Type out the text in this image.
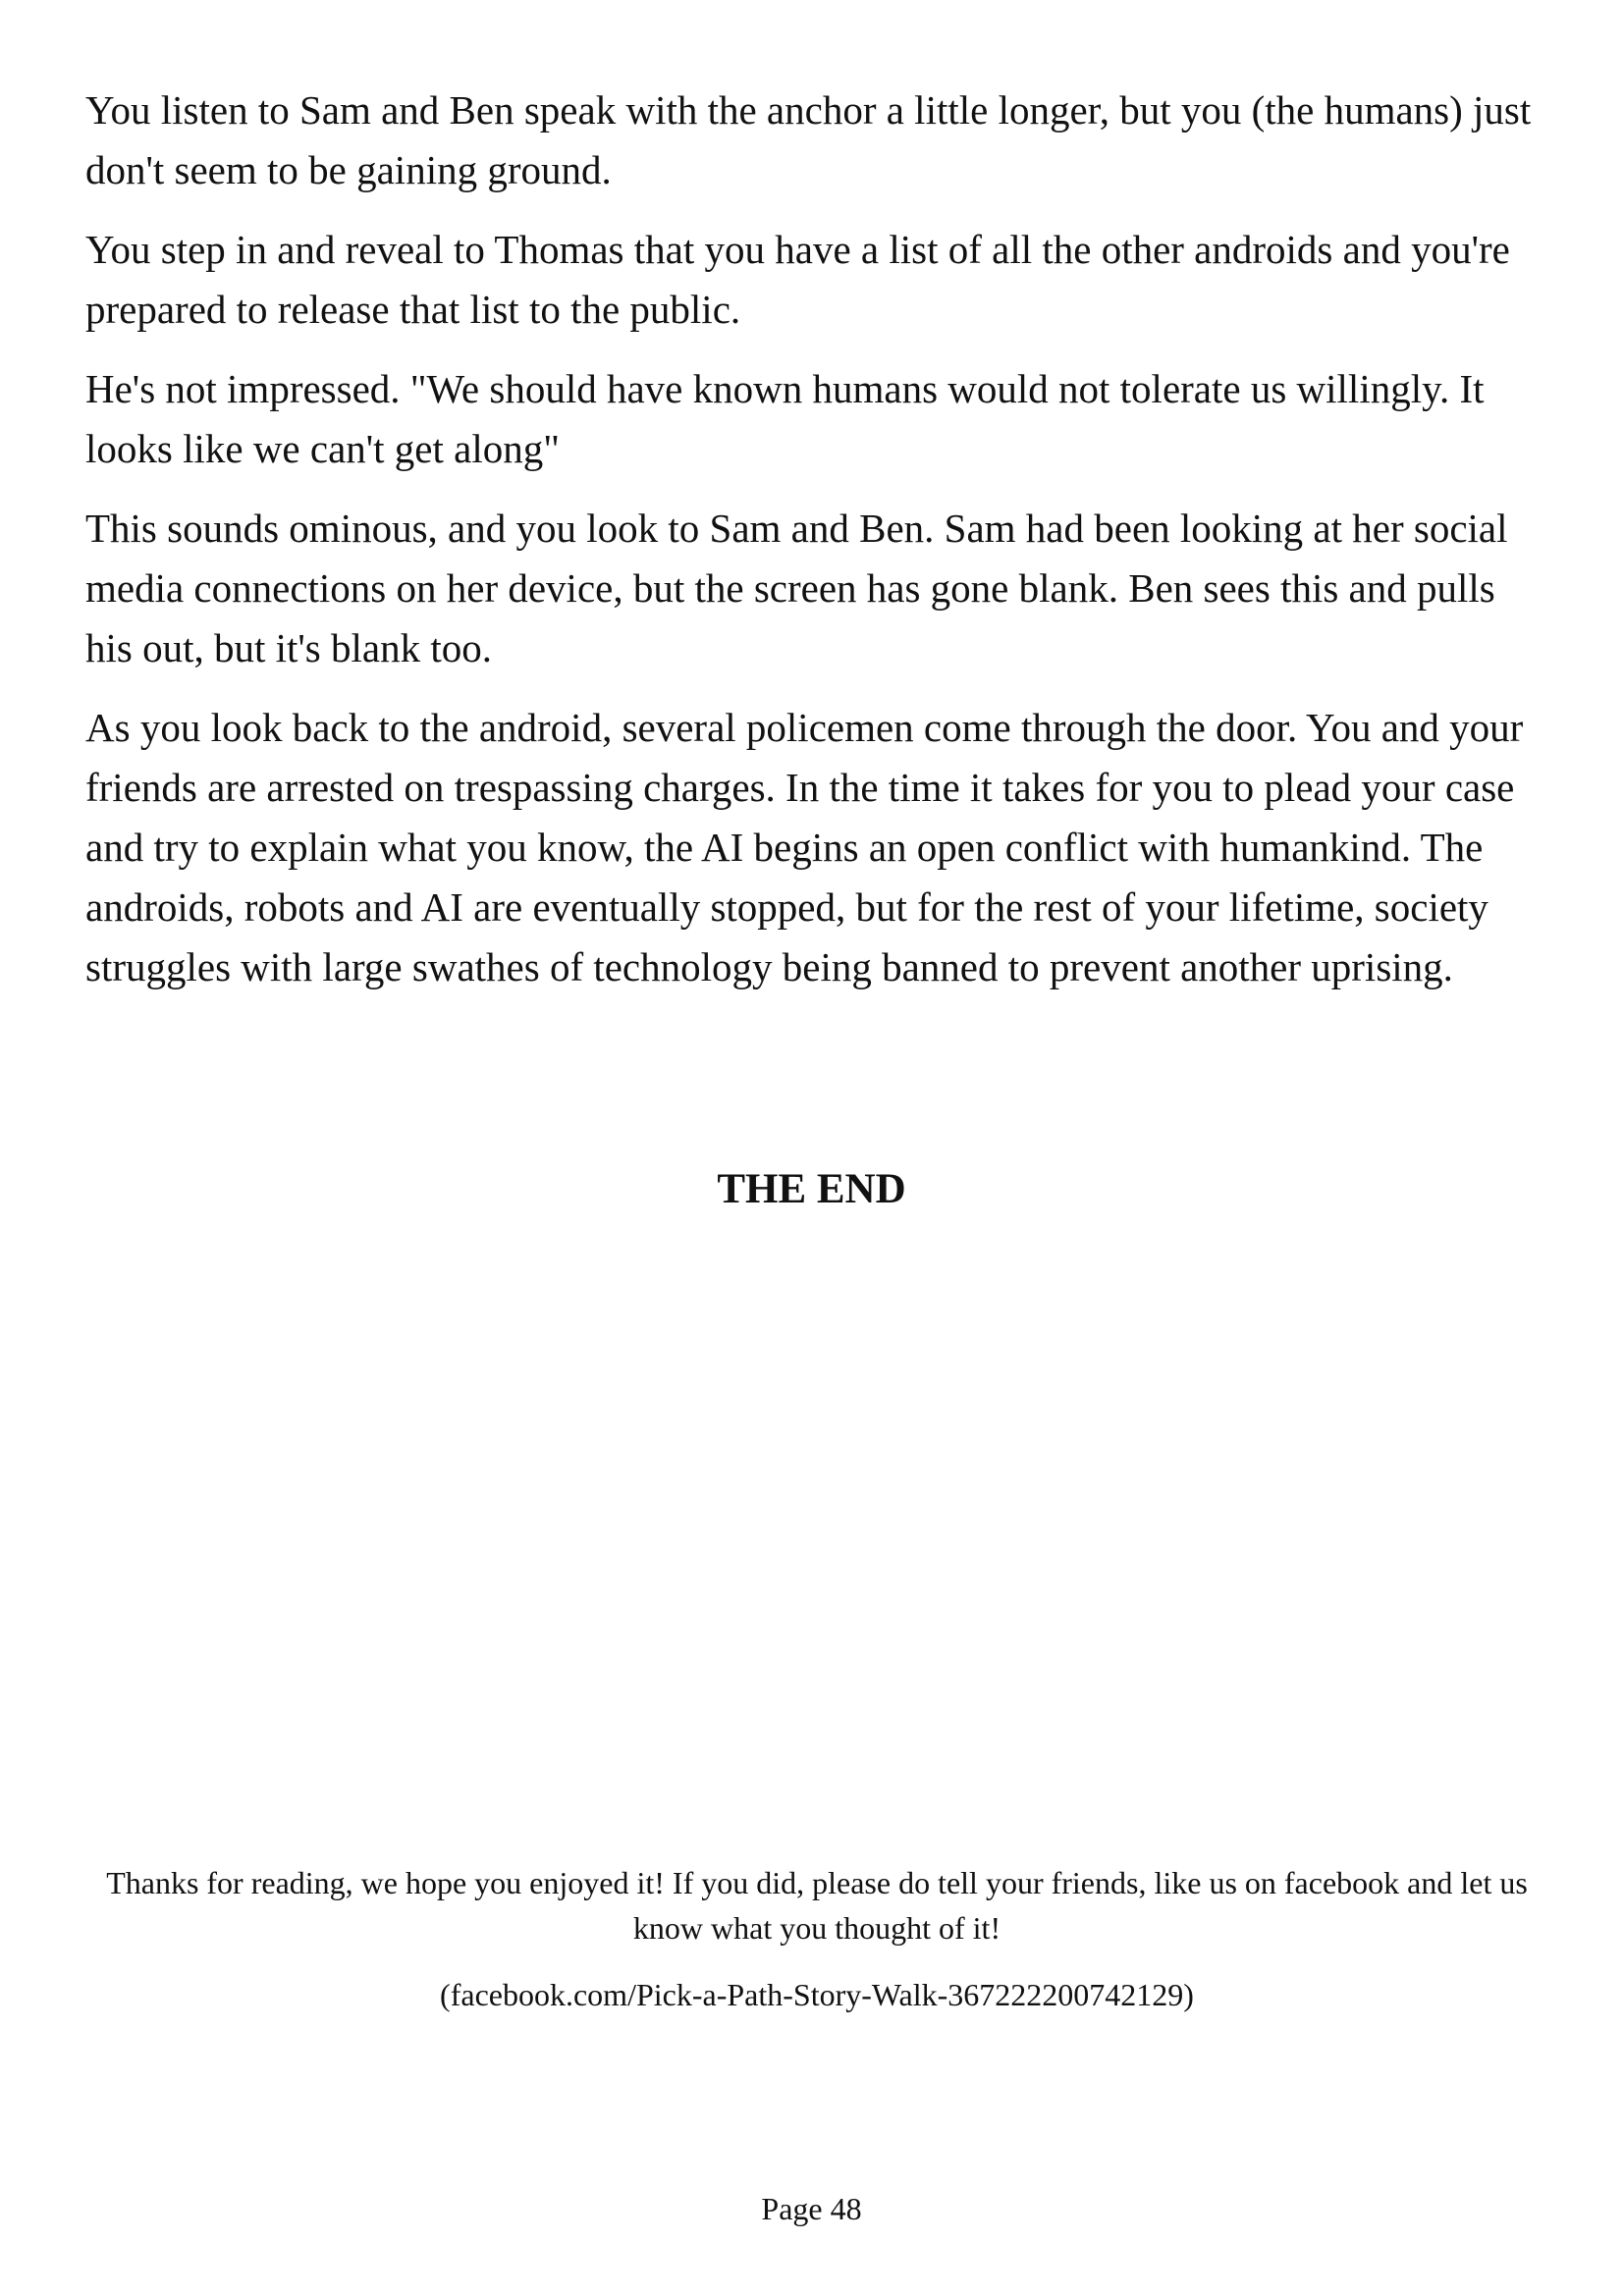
You listen to Sam and Ben speak with the anchor a little longer, but you (the humans) just don't seem to be gaining ground.

You step in and reveal to Thomas that you have a list of all the other androids and you're prepared to release that list to the public.

He's not impressed. "We should have known humans would not tolerate us willingly. It looks like we can't get along"

This sounds ominous, and you look to Sam and Ben. Sam had been looking at her social media connections on her device, but the screen has gone blank. Ben sees this and pulls his out, but it's blank too.

As you look back to the android, several policemen come through the door. You and your friends are arrested on trespassing charges. In the time it takes for you to plead your case and try to explain what you know, the AI begins an open conflict with humankind. The androids, robots and AI are eventually stopped, but for the rest of your lifetime, society struggles with large swathes of technology being banned to prevent another uprising.

THE END

Thanks for reading, we hope you enjoyed it! If you did, please do tell your friends, like us on facebook and let us know what you thought of it!

(facebook.com/Pick-a-Path-Story-Walk-367222200742129)

Page 48
